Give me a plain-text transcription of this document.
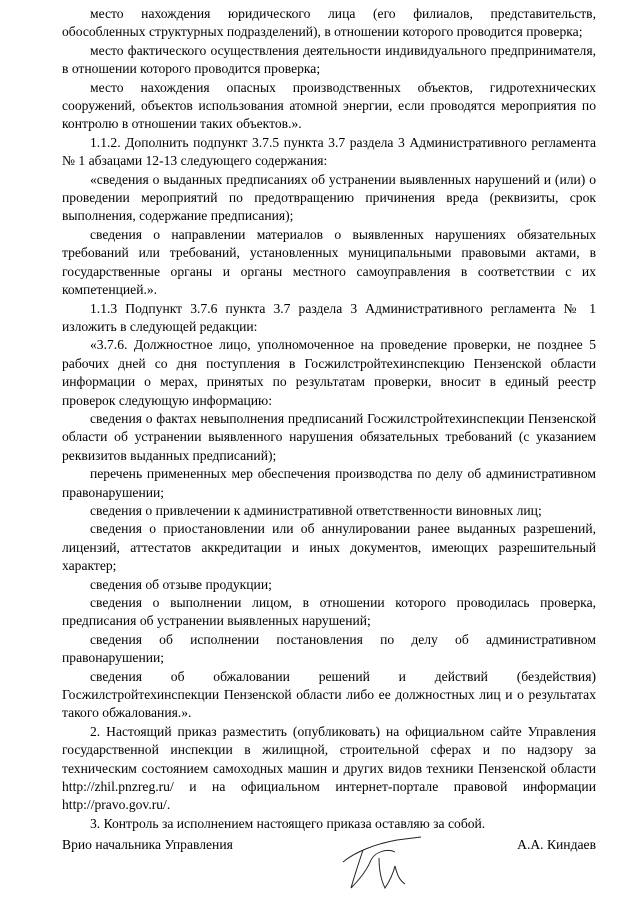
место нахождения юридического лица (его филиалов, представительств, обособленных структурных подразделений), в отношении которого проводится проверка;

место фактического осуществления деятельности индивидуального предпринимателя, в отношении которого проводится проверка;

место нахождения опасных производственных объектов, гидротехнических сооружений, объектов использования атомной энергии, если проводятся мероприятия по контролю в отношении таких объектов.».

1.1.2. Дополнить подпункт 3.7.5 пункта 3.7 раздела 3 Административного регламента № 1 абзацами 12-13 следующего содержания:

«сведения о выданных предписаниях об устранении выявленных нарушений и (или) о проведении мероприятий по предотвращению причинения вреда (реквизиты, срок выполнения, содержание предписания);

сведения о направлении материалов о выявленных нарушениях обязательных требований или требований, установленных муниципальными правовыми актами, в государственные органы и органы местного самоуправления в соответствии с их компетенцией.».

1.1.3 Подпункт 3.7.6 пункта 3.7 раздела 3 Административного регламента № 1 изложить в следующей редакции:

«3.7.6. Должностное лицо, уполномоченное на проведение проверки, не позднее 5 рабочих дней со дня поступления в Госжилстройтехинспекцию Пензенской области информации о мерах, принятых по результатам проверки, вносит в единый реестр проверок следующую информацию:

сведения о фактах невыполнения предписаний Госжилстройтехинспекции Пензенской области об устранении выявленного нарушения обязательных требований (с указанием реквизитов выданных предписаний);

перечень примененных мер обеспечения производства по делу об административном правонарушении;

сведения о привлечении к административной ответственности виновных лиц;

сведения о приостановлении или об аннулировании ранее выданных разрешений, лицензий, аттестатов аккредитации и иных документов, имеющих разрешительный характер;

сведения об отзыве продукции;

сведения о выполнении лицом, в отношении которого проводилась проверка, предписания об устранении выявленных нарушений;

сведения об исполнении постановления по делу об административном правонарушении;

сведения об обжаловании решений и действий (бездействия) Госжилстройтехинспекции Пензенской области либо ее должностных лиц и о результатах такого обжалования.».

2. Настоящий приказ разместить (опубликовать) на официальном сайте Управления государственной инспекции в жилищной, строительной сферах и по надзору за техническим состоянием самоходных машин и других видов техники Пензенской области http://zhil.pnzreg.ru/ и на официальном интернет-портале правовой информации http://pravo.gov.ru/.

3. Контроль за исполнением настоящего приказа оставляю за собой.

Врио начальника Управления	А.А. Киндаев
